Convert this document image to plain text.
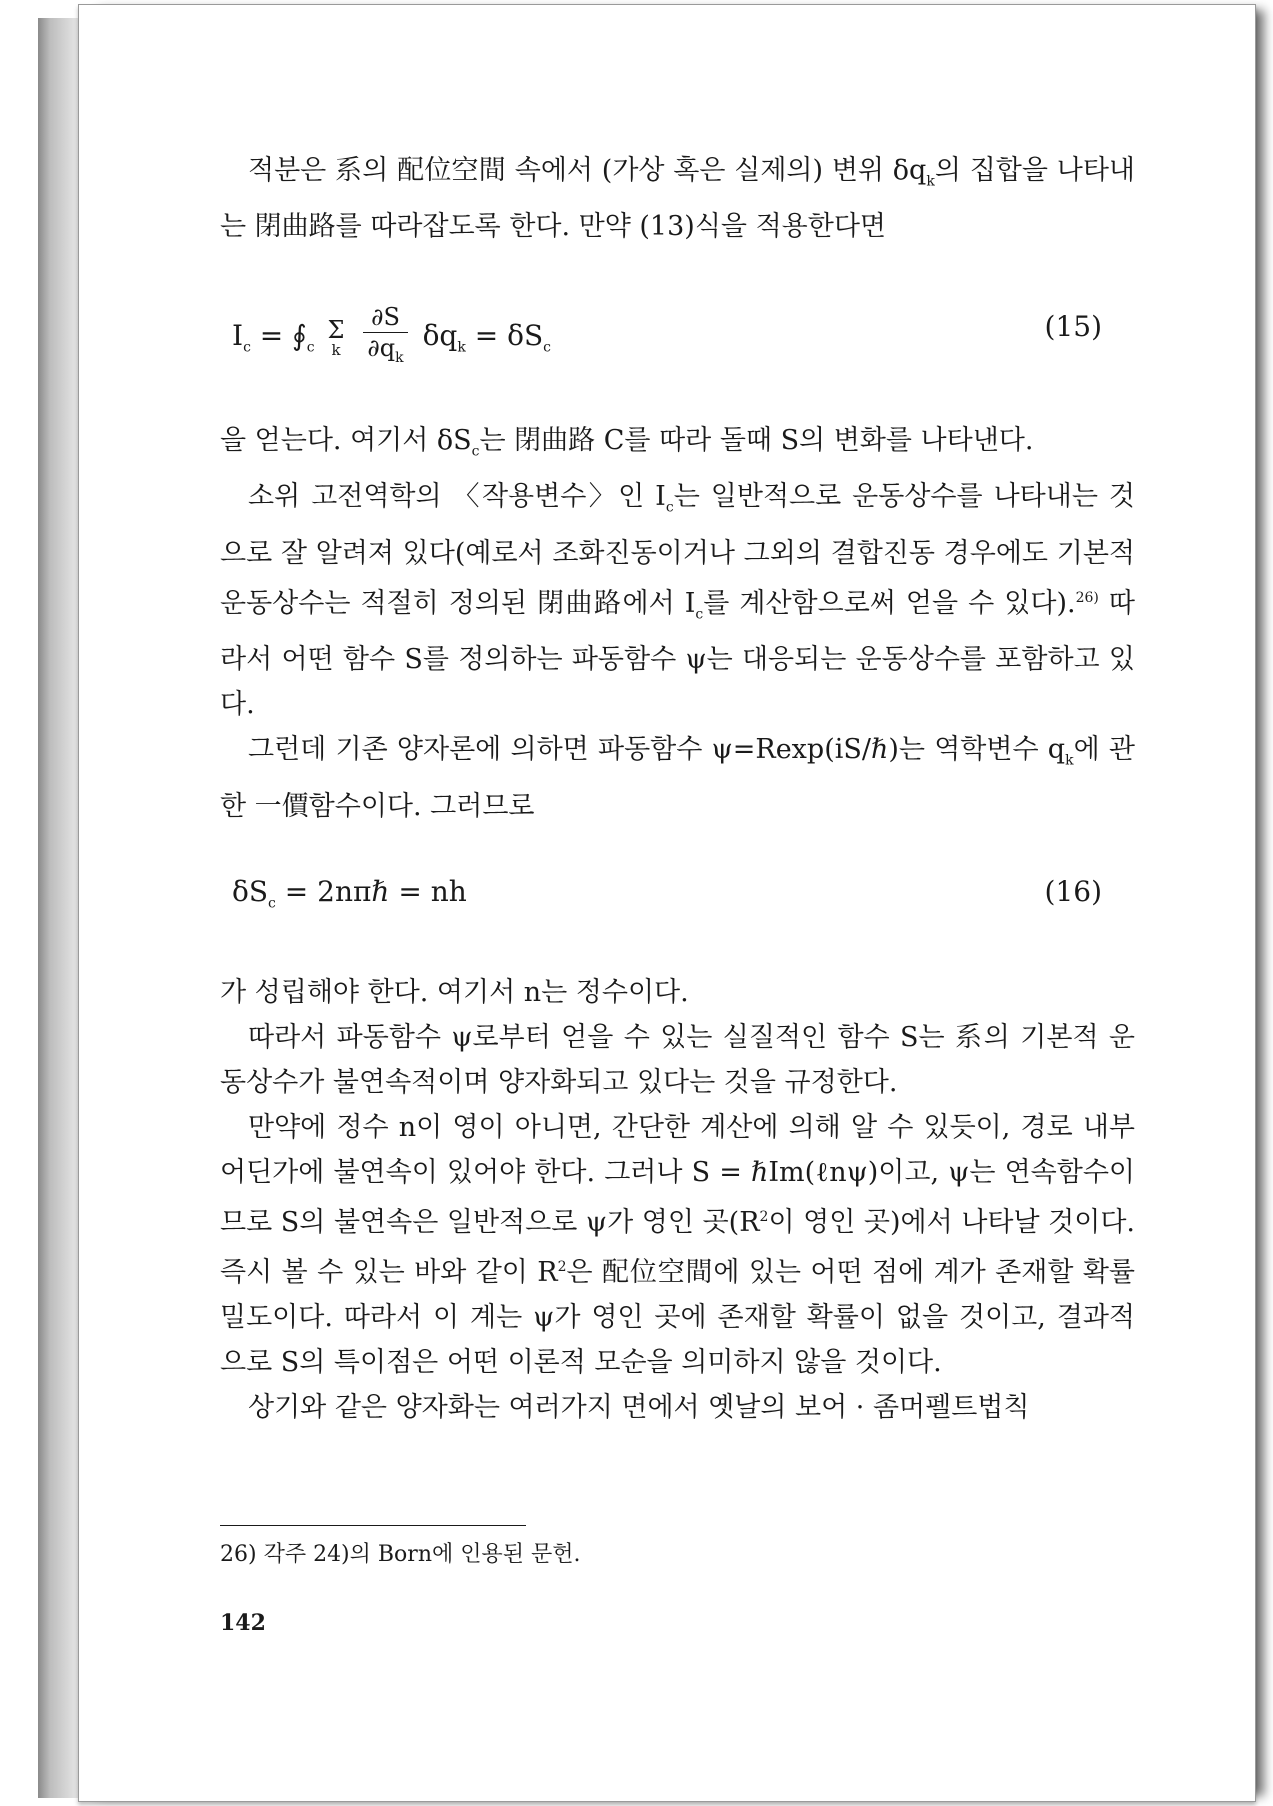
적분은 系의 配位空間 속에서 (가상 혹은 실제의) 변위 $\delta q_k$의 집합을 나타내는 閉曲路를 따라잡도록 한다. 만약 (13)식을 적용한다면

$I_c$ = $∮_c$ Σ
k
$\frac{\partial S}{\partial q_k} \delta q_k = \delta S_c$
(15)

을 얻는다. 여기서 $\delta S_c$는 閉曲路 C를 따라 돌때 S의 변화를 나타낸다.

소위 고전역학의 〈작용변수〉인 $I_c$는 일반적으로 운동상수를 나타내는 것으로 잘 알려져 있다(예로서 조화진동이거나 그외의 결합진동 경우에도 기본적 운동상수는 적절히 정의된 閉曲路에서 $I_c$를 계산함으로써 얻을 수 있다).$^{26)}$ 따라서 어떤 함수 S를 정의하는 파동함수 ψ는 대응되는 운동상수를 포함하고 있다.

그런데 기존 양자론에 의하면 파동함수 ψ=Rexp(iS/ℏ)는 역학변수 $q_k$에 관한 一價함수이다. 그러므로

$\delta S_c$ = 2nπℏ = nh	(16)

가 성립해야 한다. 여기서 n는 정수이다.

따라서 파동함수 ψ로부터 얻을 수 있는 실질적인 함수 S는 系의 기본적 운동상수가 불연속적이며 양자화되고 있다는 것을 규정한다.

만약에 정수 n이 영이 아니면, 간단한 계산에 의해 알 수 있듯이, 경로 내부 어딘가에 불연속이 있어야 한다. 그러나 S = ℏIm(ℓnψ)이고, ψ는 연속함수이므로 S의 불연속은 일반적으로 ψ가 영인 곳($R^2$이 영인 곳)에서 나타날 것이다. 즉시 볼 수 있는 바와 같이 $R^2$은 配位空間에 있는 어떤 점에 계가 존재할 확률 밀도이다. 따라서 이 계는 ψ가 영인 곳에 존재할 확률이 없을 것이고, 결과적으로 S의 특이점은 어떤 이론적 모순을 의미하지 않을 것이다.

상기와 같은 양자화는 여러가지 면에서 옛날의 보어 · 좀머펠트법칙

26) 각주 24)의 Born에 인용된 문헌.
142
